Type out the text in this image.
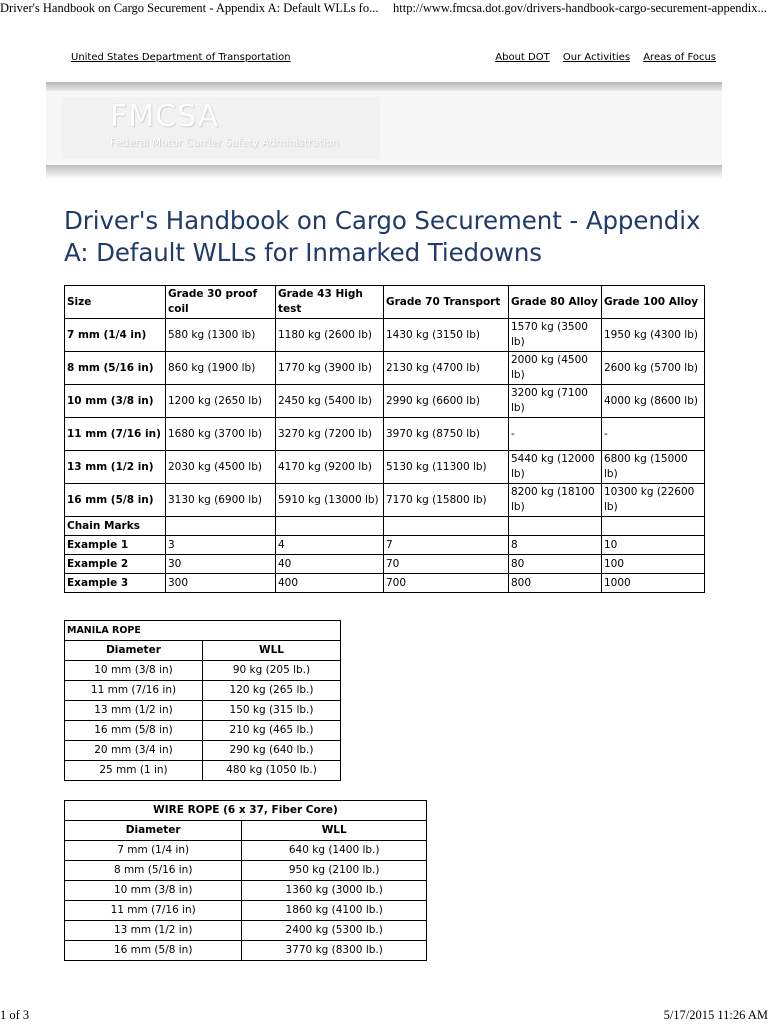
Driver's Handbook on Cargo Securement - Appendix A: Default WLLs fo... http://www.fmcsa.dot.gov/drivers-handbook-cargo-securement-appendix...
United States Department of Transportation	About DOT Our Activities Areas of Focus
FMCSA
Federal Motor Carrier Safety Administration
Driver's Handbook on Cargo Securement - Appendix A: Default WLLs for Inmarked Tiedowns
Size	Grade 30 proof coil	Grade 43 High test	Grade 70 Transport	Grade 80 Alloy	Grade 100 Alloy
7 mm (1/4 in)	580 kg (1300 lb)	1180 kg (2600 lb)	1430 kg (3150 lb)	1570 kg (3500 lb)	1950 kg (4300 lb)
8 mm (5/16 in)	860 kg (1900 lb)	1770 kg (3900 lb)	2130 kg (4700 lb)	2000 kg (4500 lb)	2600 kg (5700 lb)
10 mm (3/8 in)	1200 kg (2650 lb)	2450 kg (5400 lb)	2990 kg (6600 lb)	3200 kg (7100 lb)	4000 kg (8600 lb)
11 mm (7/16 in)	1680 kg (3700 lb)	3270 kg (7200 lb)	3970 kg (8750 lb)	-	-
13 mm (1/2 in)	2030 kg (4500 lb)	4170 kg (9200 lb)	5130 kg (11300 lb)	5440 kg (12000 lb)	6800 kg (15000 lb)
16 mm (5/8 in)	3130 kg (6900 lb)	5910 kg (13000 lb)	7170 kg (15800 lb)	8200 kg (18100 lb)	10300 kg (22600 lb)
Chain Marks					
Example 1	3	4	7	8	10
Example 2	30	40	70	80	100
Example 3	300	400	700	800	1000
MANILA ROPE	
Diameter	WLL
10 mm (3/8 in)	90 kg (205 lb.)
11 mm (7/16 in)	120 kg (265 lb.)
13 mm (1/2 in)	150 kg (315 lb.)
16 mm (5/8 in)	210 kg (465 lb.)
20 mm (3/4 in)	290 kg (640 lb.)
25 mm (1 in)	480 kg (1050 lb.)
WIRE ROPE (6 x 37, Fiber Core)	
Diameter	WLL
7 mm (1/4 in)	640 kg (1400 lb.)
8 mm (5/16 in)	950 kg (2100 lb.)
10 mm (3/8 in)	1360 kg (3000 lb.)
11 mm (7/16 in)	1860 kg (4100 lb.)
13 mm (1/2 in)	2400 kg (5300 lb.)
16 mm (5/8 in)	3770 kg (8300 lb.)
1 of 3	5/17/2015 11:26 AM
